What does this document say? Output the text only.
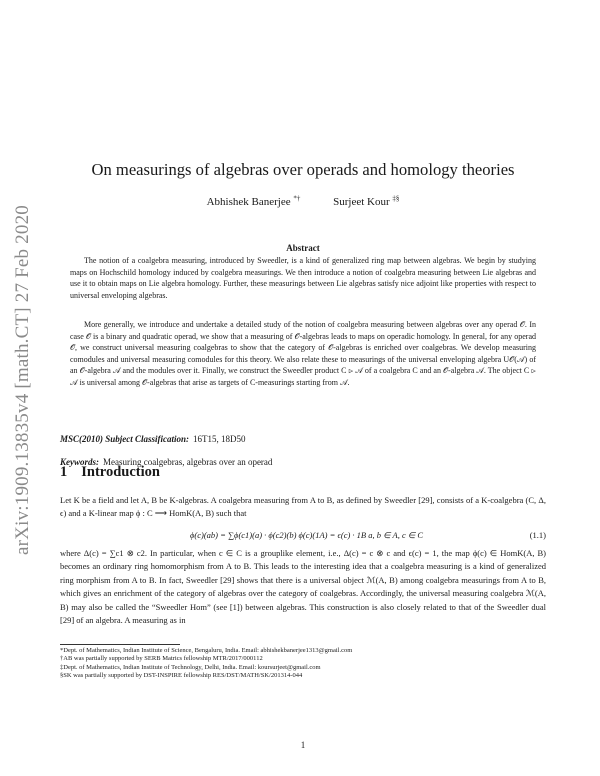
arXiv:1909.13835v4 [math.CT] 27 Feb 2020
On measurings of algebras over operads and homology theories
Abhishek Banerjee *†	Surjeet Kour ‡§
Abstract

The notion of a coalgebra measuring, introduced by Sweedler, is a kind of generalized ring map between algebras. We begin by studying maps on Hochschild homology induced by coalgebra measurings. We then introduce a notion of coalgebra measuring between Lie algebras and use it to obtain maps on Lie algebra homology. Further, these measurings between Lie algebras satisfy nice adjoint like properties with respect to universal enveloping algebras.

More generally, we introduce and undertake a detailed study of the notion of coalgebra measuring between algebras over any operad 𝒪. In case 𝒪 is a binary and quadratic operad, we show that a measuring of 𝒪-algebras leads to maps on operadic homology. In general, for any operad 𝒪, we construct universal measuring coalgebras to show that the category of 𝒪-algebras is enriched over coalgebras. We develop measuring comodules and universal measuring comodules for this theory. We also relate these to measurings of the universal enveloping algebra U𝒪(𝒜) of an 𝒪-algebra 𝒜 and the modules over it. Finally, we construct the Sweedler product C ⊳ 𝒜 of a coalgebra C and an 𝒪-algebra 𝒜. The object C ⊳ 𝒜 is universal among 𝒪-algebras that arise as targets of C-measurings starting from 𝒜.

MSC(2010) Subject Classification: 16T15, 18D50
Keywords: Measuring coalgebras, algebras over an operad
1 Introduction

Let K be a field and let A, B be K-algebras. A coalgebra measuring from A to B, as defined by Sweedler [29], consists of a K-coalgebra (C, Δ, ϵ) and a K-linear map ϕ : C ⟶ HomK(A, B) such that

ϕ(c)(ab) = ∑ϕ(c1)(a) · ϕ(c2)(b) ϕ(c)(1A) = ϵ(c) · 1B a, b ∈ A, c ∈ C	(1.1)

where Δ(c) = ∑c1 ⊗ c2. In particular, when c ∈ C is a grouplike element, i.e., Δ(c) = c ⊗ c and ϵ(c) = 1, the map ϕ(c) ∈ HomK(A, B) becomes an ordinary ring homomorphism from A to B. This leads to the interesting idea that a coalgebra measuring is a kind of generalized ring morphism from A to B. In fact, Sweedler [29] shows that there is a universal object ℳ(A, B) among coalgebra measurings from A to B, which gives an enrichment of the category of algebras over the category of coalgebras. Accordingly, the universal measuring coalgebra ℳ(A, B) may also be called the “Sweedler Hom” (see [1]) between algebras. This construction is also closely related to that of the Sweedler dual [29] of an algebra. A measuring as in

*Dept. of Mathematics, Indian Institute of Science, Bengaluru, India. Email: abhishekbanerjee1313@gmail.com
†AB was partially supported by SERB Matrics fellowship MTR/2017/000112
‡Dept. of Mathematics, Indian Institute of Technology, Delhi, India. Email: koursurjeet@gmail.com
§SK was partially supported by DST-INSPIRE fellowship RES/DST/MATH/SK/201314-044
1
